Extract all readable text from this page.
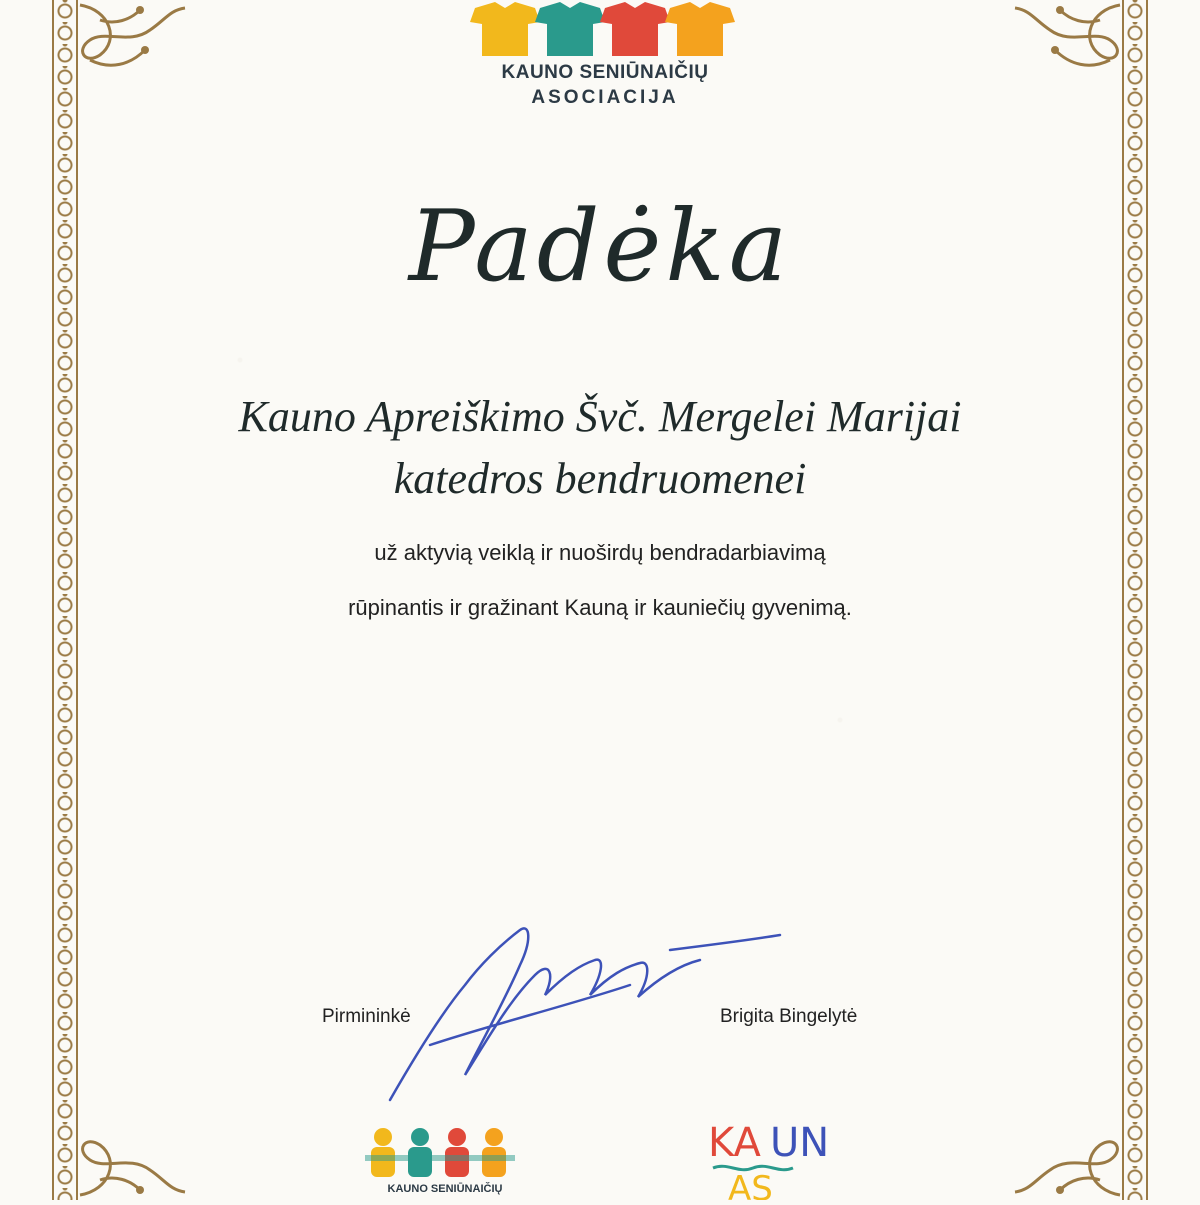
KAUNO SENIŪNAIČIŲ
ASOCIACIJA
Padėka
Kauno Apreiškimo Švč. Mergelei Marijai
katedros bendruomenei
už aktyvią veiklą ir nuoširdų bendradarbiavimą
rūpinantis ir gražinant Kauną ir kauniečių gyvenimą.
Pirmininkė	Brigita Bingelytė
KAUNO SENIŪNAIČIŲ
KA UN
AS
